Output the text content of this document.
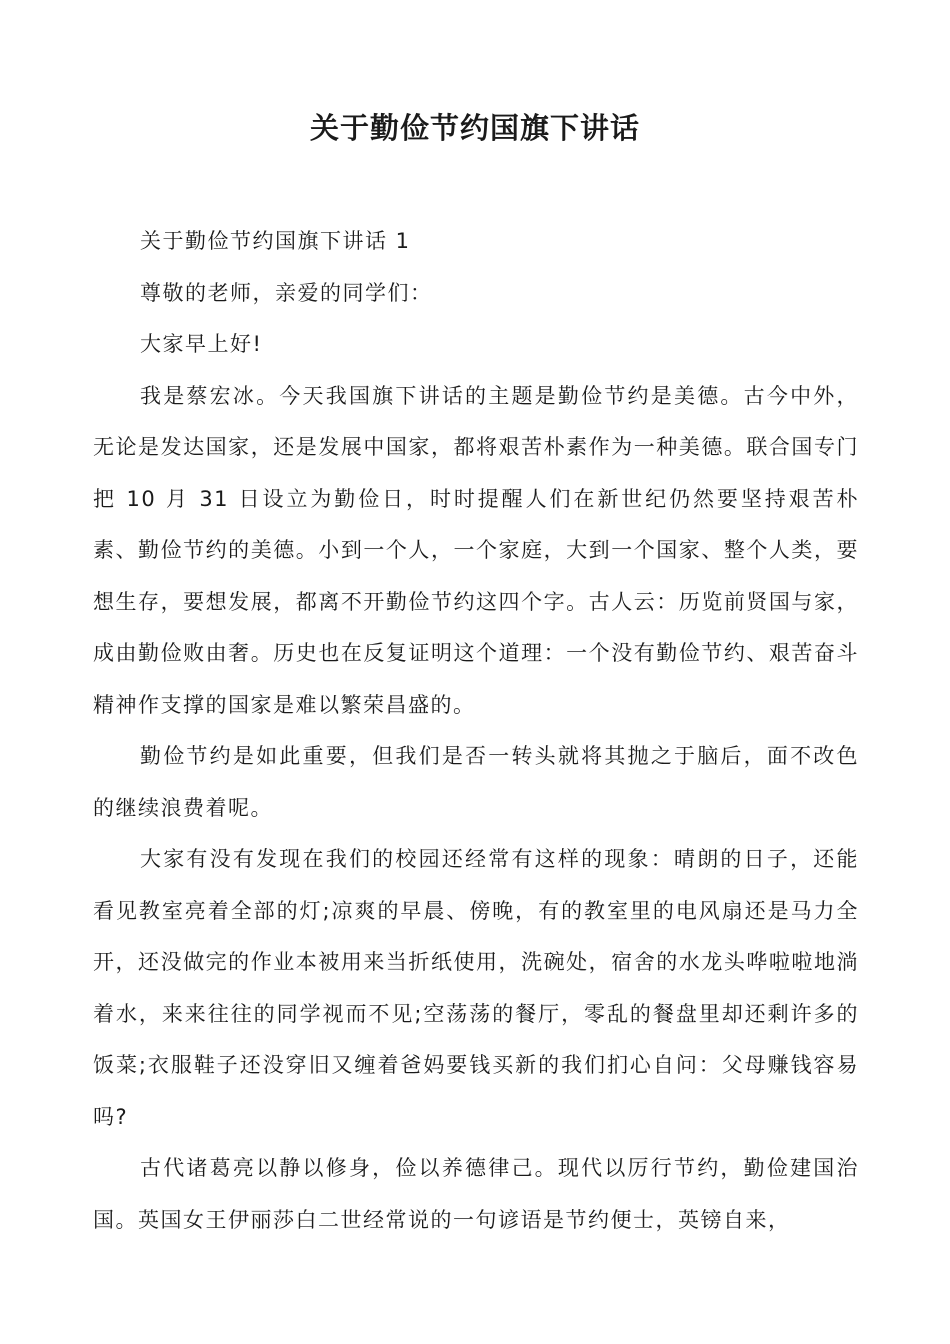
关于勤俭节约国旗下讲话

关于勤俭节约国旗下讲话 1

尊敬的老师，亲爱的同学们：

大家早上好!

我是蔡宏冰。今天我国旗下讲话的主题是勤俭节约是美德。古今中外，无论是发达国家，还是发展中国家，都将艰苦朴素作为一种美德。联合国专门把 10 月 31 日设立为勤俭日，时时提醒人们在新世纪仍然要坚持艰苦朴素、勤俭节约的美德。小到一个人，一个家庭，大到一个国家、整个人类，要想生存，要想发展，都离不开勤俭节约这四个字。古人云：历览前贤国与家，成由勤俭败由奢。历史也在反复证明这个道理：一个没有勤俭节约、艰苦奋斗精神作支撑的国家是难以繁荣昌盛的。

勤俭节约是如此重要，但我们是否一转头就将其抛之于脑后，面不改色的继续浪费着呢。

大家有没有发现在我们的校园还经常有这样的现象：晴朗的日子，还能看见教室亮着全部的灯;凉爽的早晨、傍晚，有的教室里的电风扇还是马力全开，还没做完的作业本被用来当折纸使用，洗碗处，宿舍的水龙头哗啦啦地淌着水，来来往往的同学视而不见;空荡荡的餐厅，零乱的餐盘里却还剩许多的饭菜;衣服鞋子还没穿旧又缠着爸妈要钱买新的我们扪心自问：父母赚钱容易吗?

古代诸葛亮以静以修身，俭以养德律己。现代以厉行节约，勤俭建国治国。英国女王伊丽莎白二世经常说的一句谚语是节约便士，英镑自来，
